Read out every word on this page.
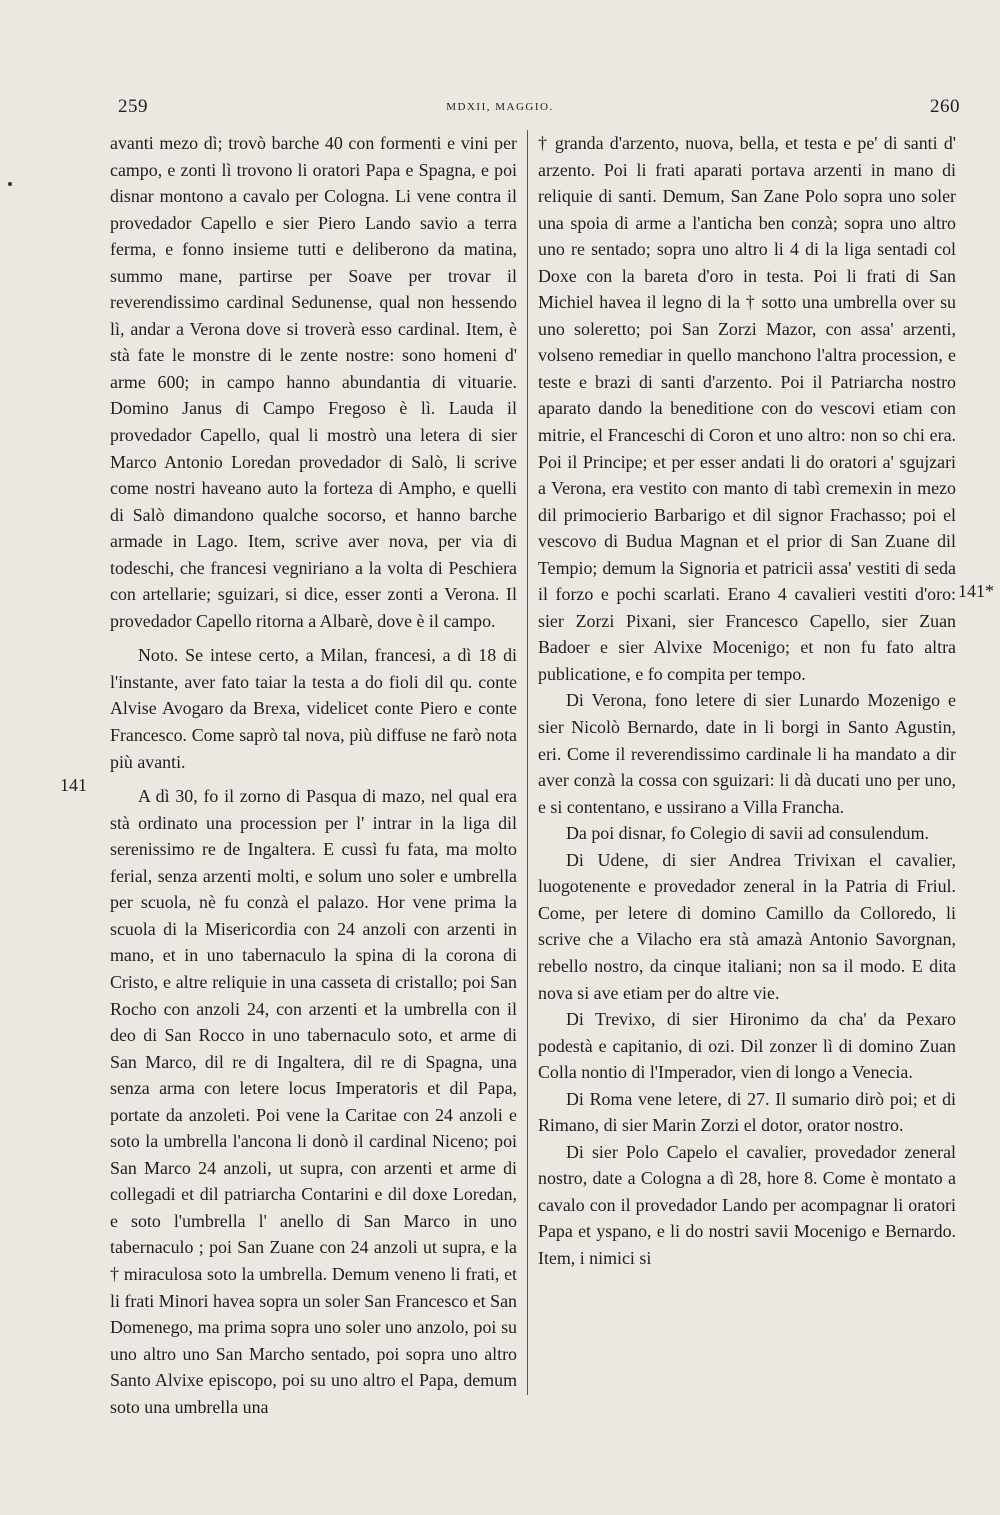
259	MDXII, MAGGIO.	260
141
141*

avanti mezo dì; trovò barche 40 con formenti e vini per campo, e zonti lì trovono li oratori Papa e Spagna, e poi disnar montono a cavalo per Cologna. Li vene contra il provedador Capello e sier Piero Lando savio a terra ferma, e fonno insieme tutti e deliberono da matina, summo mane, partirse per Soave per trovar il reverendissimo cardinal Sedunense, qual non hessendo lì, andar a Verona dove si troverà esso cardinal. Item, è stà fate le monstre di le zente nostre: sono homeni d' arme 600; in campo hanno abundantia di vituarie. Domino Janus di Campo Fregoso è lì. Lauda il provedador Capello, qual li mostrò una letera di sier Marco Antonio Loredan provedador di Salò, li scrive come nostri haveano auto la forteza di Ampho, e quelli di Salò dimandono qualche socorso, et hanno barche armade in Lago. Item, scrive aver nova, per via di todeschi, che francesi vegniriano a la volta di Peschiera con artellarie; sguizari, si dice, esser zonti a Verona. Il provedador Capello ritorna a Albarè, dove è il campo.

Noto. Se intese certo, a Milan, francesi, a dì 18 di l'instante, aver fato taiar la testa a do fioli dil qu. conte Alvise Avogaro da Brexa, videlicet conte Piero e conte Francesco. Come saprò tal nova, più diffuse ne farò nota più avanti.

A dì 30, fo il zorno di Pasqua di mazo, nel qual era stà ordinato una procession per l' intrar in la liga dil serenissimo re de Ingaltera. E cussì fu fata, ma molto ferial, senza arzenti molti, e solum uno soler e umbrella per scuola, nè fu conzà el palazo. Hor vene prima la scuola di la Misericordia con 24 anzoli con arzenti in mano, et in uno tabernaculo la spina di la corona di Cristo, e altre reliquie in una casseta di cristallo; poi San Rocho con anzoli 24, con arzenti et la umbrella con il deo di San Rocco in uno tabernaculo soto, et arme di San Marco, dil re di Ingaltera, dil re di Spagna, una senza arma con letere locus Imperatoris et dil Papa, portate da anzoleti. Poi vene la Caritae con 24 anzoli e soto la umbrella l'ancona li donò il cardinal Niceno; poi San Marco 24 anzoli, ut supra, con arzenti et arme di collegadi et dil patriarcha Contarini e dil doxe Loredan, e soto l'umbrella l' anello di San Marco in uno tabernaculo ; poi San Zuane con 24 anzoli ut supra, e la † miraculosa soto la umbrella. Demum veneno li frati, et li frati Minori havea sopra un soler San Francesco et San Domenego, ma prima sopra uno soler uno anzolo, poi su uno altro uno San Marcho sentado, poi sopra uno altro Santo Alvixe episcopo, poi su uno altro el Papa, demum soto una umbrella una

† granda d'arzento, nuova, bella, et testa e pe' di santi d' arzento. Poi li frati aparati portava arzenti in mano di reliquie di santi. Demum, San Zane Polo sopra uno soler una spoia di arme a l'anticha ben conzà; sopra uno altro uno re sentado; sopra uno altro li 4 di la liga sentadi col Doxe con la bareta d'oro in testa. Poi li frati di San Michiel havea il legno di la † sotto una umbrella over su uno soleretto; poi San Zorzi Mazor, con assa' arzenti, volseno remediar in quello manchono l'altra procession, e teste e brazi di santi d'arzento. Poi il Patriarcha nostro aparato dando la beneditione con do vescovi etiam con mitrie, el Franceschi di Coron et uno altro: non so chi era. Poi il Principe; et per esser andati li do oratori a' sgujzari a Verona, era vestito con manto di tabì cremexin in mezo dil primocierio Barbarigo et dil signor Frachasso; poi el vescovo di Budua Magnan et el prior di San Zuane dil Tempio; demum la Signoria et patricii assa' vestiti di seda il forzo e pochi scarlati. Erano 4 cavalieri vestiti d'oro: sier Zorzi Pixani, sier Francesco Capello, sier Zuan Badoer e sier Alvixe Mocenigo; et non fu fato altra publicatione, e fo compita per tempo.

Di Verona, fono letere di sier Lunardo Mozenigo e sier Nicolò Bernardo, date in li borgi in Santo Agustin, eri. Come il reverendissimo cardinale li ha mandato a dir aver conzà la cossa con sguizari: li dà ducati uno per uno, e si contentano, e ussirano a Villa Francha.

Da poi disnar, fo Colegio di savii ad consulendum.

Di Udene, di sier Andrea Trivixan el cavalier, luogotenente e provedador zeneral in la Patria di Friul. Come, per letere di domino Camillo da Colloredo, li scrive che a Vilacho era stà amazà Antonio Savorgnan, rebello nostro, da cinque italiani; non sa il modo. E dita nova si ave etiam per do altre vie.

Di Trevixo, di sier Hironimo da cha' da Pexaro podestà e capitanio, di ozi. Dil zonzer lì di domino Zuan Colla nontio di l'Imperador, vien di longo a Venecia.

Di Roma vene letere, di 27. Il sumario dirò poi; et di Rimano, di sier Marin Zorzi el dotor, orator nostro.

Di sier Polo Capelo el cavalier, provedador zeneral nostro, date a Cologna a dì 28, hore 8. Come è montato a cavalo con il provedador Lando per acompagnar li oratori Papa et yspano, e li do nostri savii Mocenigo e Bernardo. Item, i nimici si
